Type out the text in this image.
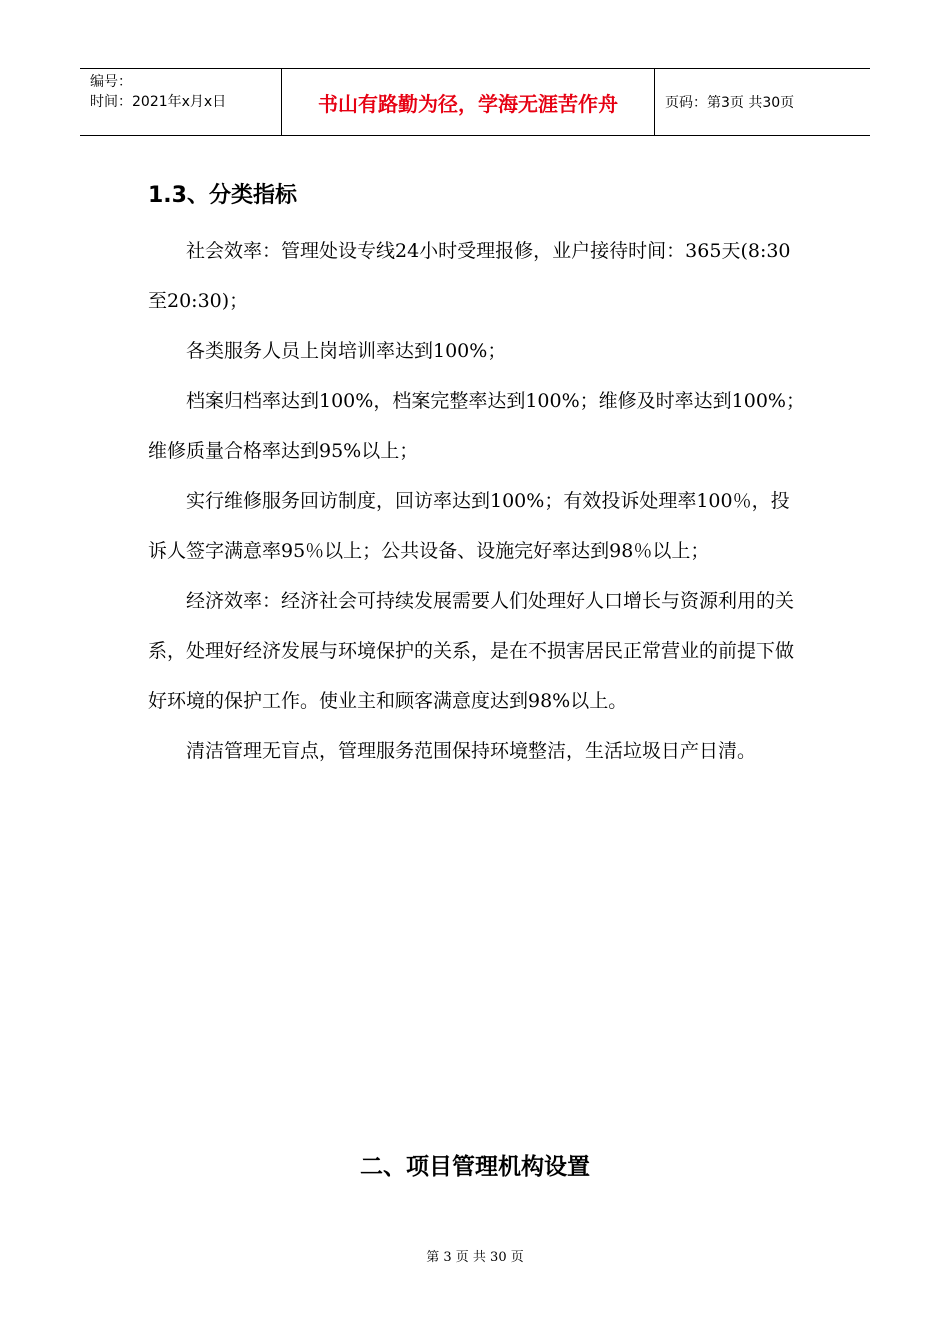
编号：
时间：2021年x月x日	书山有路勤为径，学海无涯苦作舟	页码：第3页 共30页
1.3、分类指标

社会效率：管理处设专线24小时受理报修，业户接待时间：365天(8:30至20:30)；

各类服务人员上岗培训率达到100%；

档案归档率达到100%，档案完整率达到100%；维修及时率达到100%；维修质量合格率达到95%以上；

实行维修服务回访制度，回访率达到100%；有效投诉处理率100％，投诉人签字满意率95％以上；公共设备、设施完好率达到98％以上；

经济效率：经济社会可持续发展需要人们处理好人口增长与资源利用的关系，处理好经济发展与环境保护的关系，是在不损害居民正常营业的前提下做好环境的保护工作。使业主和顾客满意度达到98%以上。

清洁管理无盲点，管理服务范围保持环境整洁，生活垃圾日产日清。

二、项目管理机构设置
第 3 页 共 30 页
